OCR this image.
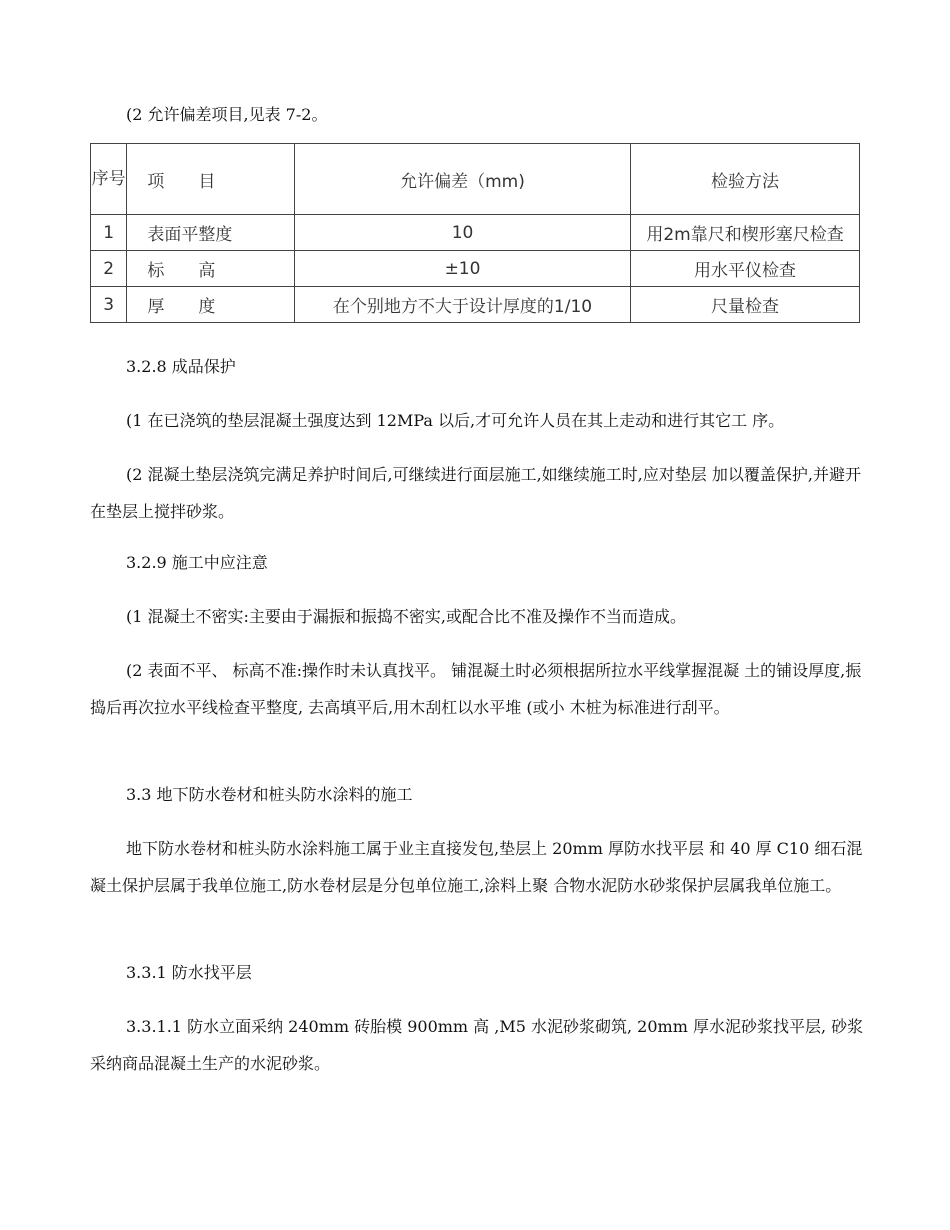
(2 允许偏差项目,见表 7-2。

序号	项　　目	允许偏差（mm)	检验方法
1	表面平整度	10	用2m靠尺和楔形塞尺检查
2	标　　高	±10	用水平仪检查
3	厚　　度	在个别地方不大于设计厚度的1/10	尺量检查

3.2.8 成品保护

(1 在已浇筑的垫层混凝土强度达到 12MPa 以后,才可允许人员在其上走动和进行其它工 序。

(2 混凝土垫层浇筑完满足养护时间后,可继续进行面层施工,如继续施工时,应对垫层 加以覆盖保护,并避开在垫层上搅拌砂浆。

3.2.9 施工中应注意

(1 混凝土不密实:主要由于漏振和振捣不密实,或配合比不准及操作不当而造成。

(2 表面不平、 标高不准:操作时未认真找平。 铺混凝土时必须根据所拉水平线掌握混凝 土的铺设厚度,振捣后再次拉水平线检查平整度, 去高填平后,用木刮杠以水平堆 (或小 木桩为标准进行刮平。

3.3 地下防水卷材和桩头防水涂料的施工

地下防水卷材和桩头防水涂料施工属于业主直接发包,垫层上 20mm 厚防水找平层 和 40 厚 C10 细石混凝土保护层属于我单位施工,防水卷材层是分包单位施工,涂料上聚 合物水泥防水砂浆保护层属我单位施工。

3.3.1 防水找平层

3.3.1.1 防水立面采纳 240mm 砖胎模 900mm 高 ,M5 水泥砂浆砌筑, 20mm 厚水泥砂浆找平层, 砂浆采纳商品混凝土生产的水泥砂浆。
